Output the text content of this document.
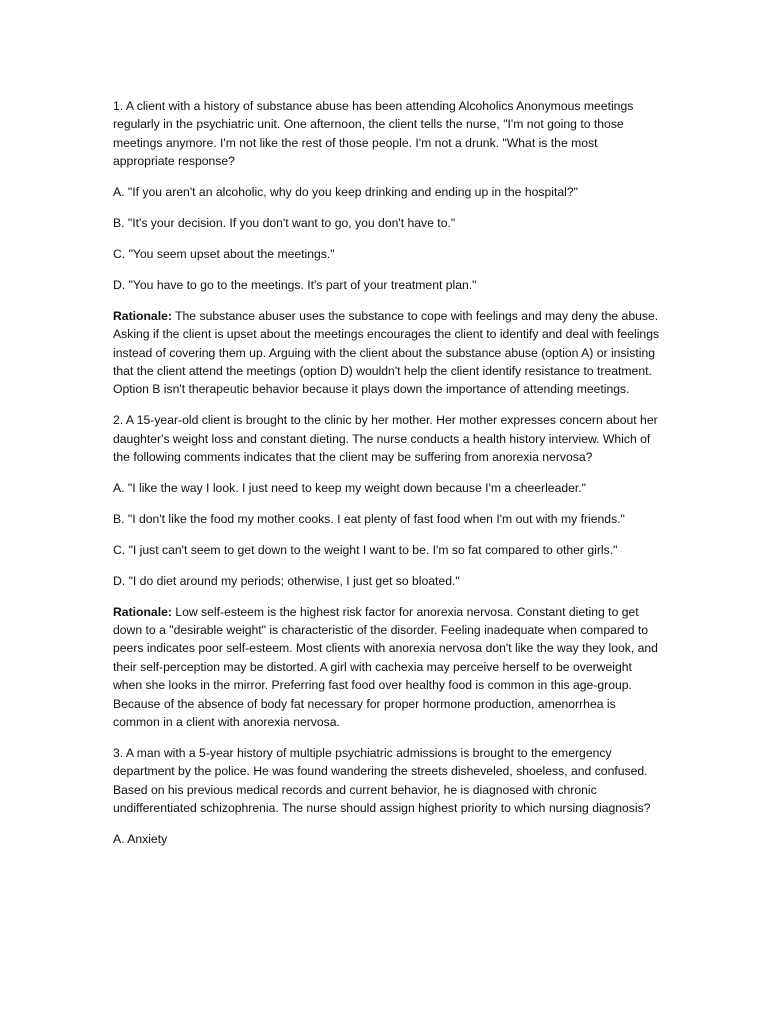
1. A client with a history of substance abuse has been attending Alcoholics Anonymous meetings regularly in the psychiatric unit. One afternoon, the client tells the nurse, "I'm not going to those meetings anymore. I'm not like the rest of those people. I'm not a drunk. "What is the most appropriate response?

A. "If you aren't an alcoholic, why do you keep drinking and ending up in the hospital?"

B. "It's your decision. If you don't want to go, you don't have to."

C. "You seem upset about the meetings."

D. "You have to go to the meetings. It's part of your treatment plan."

Rationale: The substance abuser uses the substance to cope with feelings and may deny the abuse. Asking if the client is upset about the meetings encourages the client to identify and deal with feelings instead of covering them up. Arguing with the client about the substance abuse (option A) or insisting that the client attend the meetings (option D) wouldn't help the client identify resistance to treatment. Option B isn't therapeutic behavior because it plays down the importance of attending meetings.

2. A 15-year-old client is brought to the clinic by her mother. Her mother expresses concern about her daughter's weight loss and constant dieting. The nurse conducts a health history interview. Which of the following comments indicates that the client may be suffering from anorexia nervosa?

A. "I like the way I look. I just need to keep my weight down because I'm a cheerleader."

B. "I don't like the food my mother cooks. I eat plenty of fast food when I'm out with my friends."

C. "I just can't seem to get down to the weight I want to be. I'm so fat compared to other girls."

D. "I do diet around my periods; otherwise, I just get so bloated."

Rationale: Low self-esteem is the highest risk factor for anorexia nervosa. Constant dieting to get down to a "desirable weight" is characteristic of the disorder. Feeling inadequate when compared to peers indicates poor self-esteem. Most clients with anorexia nervosa don't like the way they look, and their self-perception may be distorted. A girl with cachexia may perceive herself to be overweight when she looks in the mirror. Preferring fast food over healthy food is common in this age-group. Because of the absence of body fat necessary for proper hormone production, amenorrhea is common in a client with anorexia nervosa.

3. A man with a 5-year history of multiple psychiatric admissions is brought to the emergency department by the police. He was found wandering the streets disheveled, shoeless, and confused. Based on his previous medical records and current behavior, he is diagnosed with chronic undifferentiated schizophrenia. The nurse should assign highest priority to which nursing diagnosis?

A. Anxiety
